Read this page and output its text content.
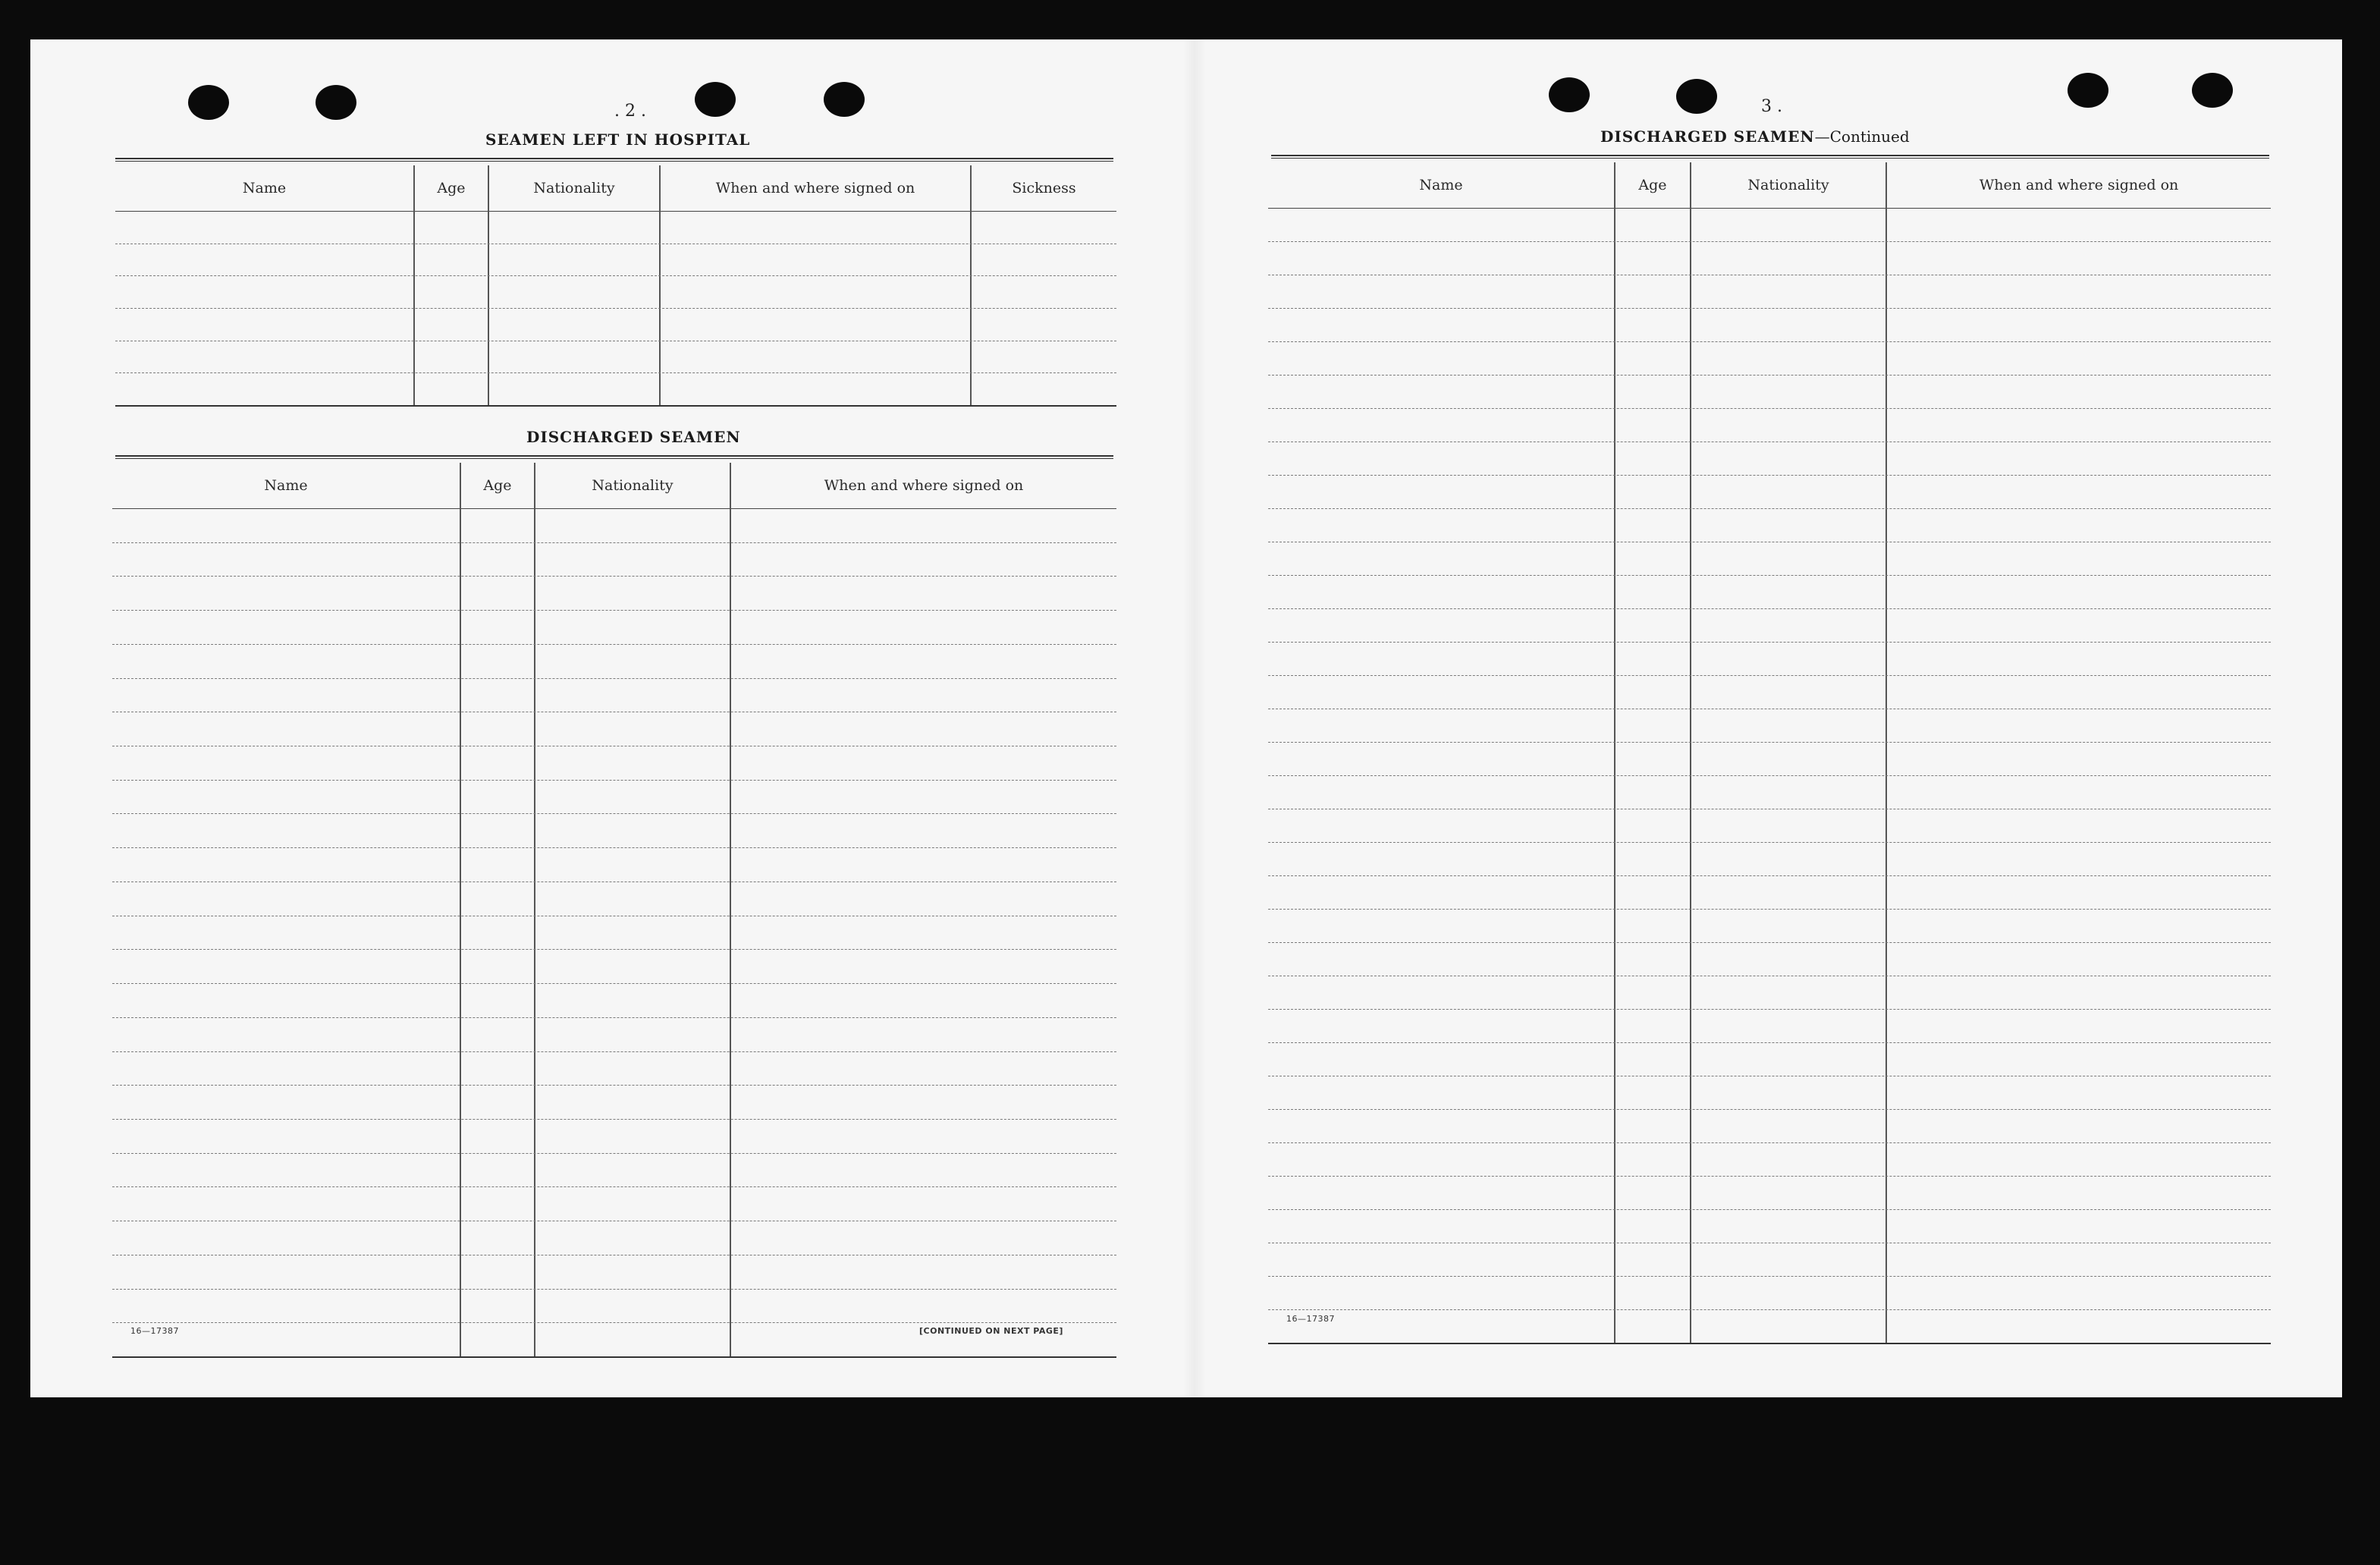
. 2 .
SEAMEN LEFT IN HOSPITAL
Name	Age	Nationality	When and where signed on	Sickness
DISCHARGED SEAMEN
Name	Age	Nationality	When and where signed on
16—17387	[CONTINUED ON NEXT PAGE]
3 .
DISCHARGED SEAMEN—Continued
Name	Age	Nationality	When and where signed on
16—17387
